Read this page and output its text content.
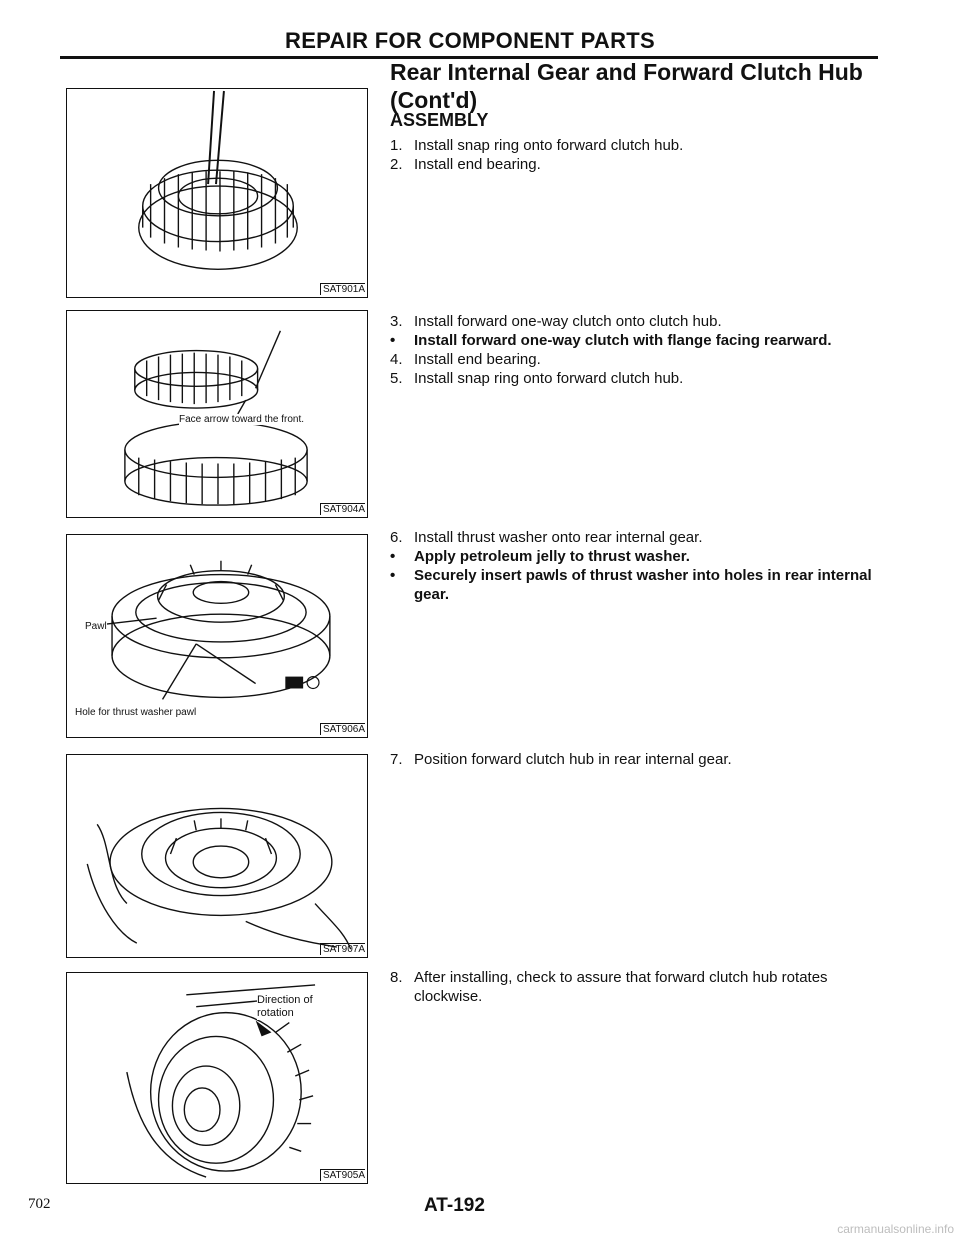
REPAIR FOR COMPONENT PARTS
Rear Internal Gear and Forward Clutch Hub (Cont'd)
ASSEMBLY
SAT901A
Face arrow toward the front.
SAT904A
Pawl
Hole for thrust washer pawl
SAT906A
SAT907A
Direction of rotation
SAT905A
1. Install snap ring onto forward clutch hub.
2. Install end bearing.
3. Install forward one-way clutch onto clutch hub.
•	Install forward one-way clutch with flange facing rearward.
4. Install end bearing.
5. Install snap ring onto forward clutch hub.
6. Install thrust washer onto rear internal gear.
•	Apply petroleum jelly to thrust washer.
•	Securely insert pawls of thrust washer into holes in rear internal gear.
7. Position forward clutch hub in rear internal gear.
8. After installing, check to assure that forward clutch hub rotates clockwise.
702	AT-192
carmanualsonline.info
